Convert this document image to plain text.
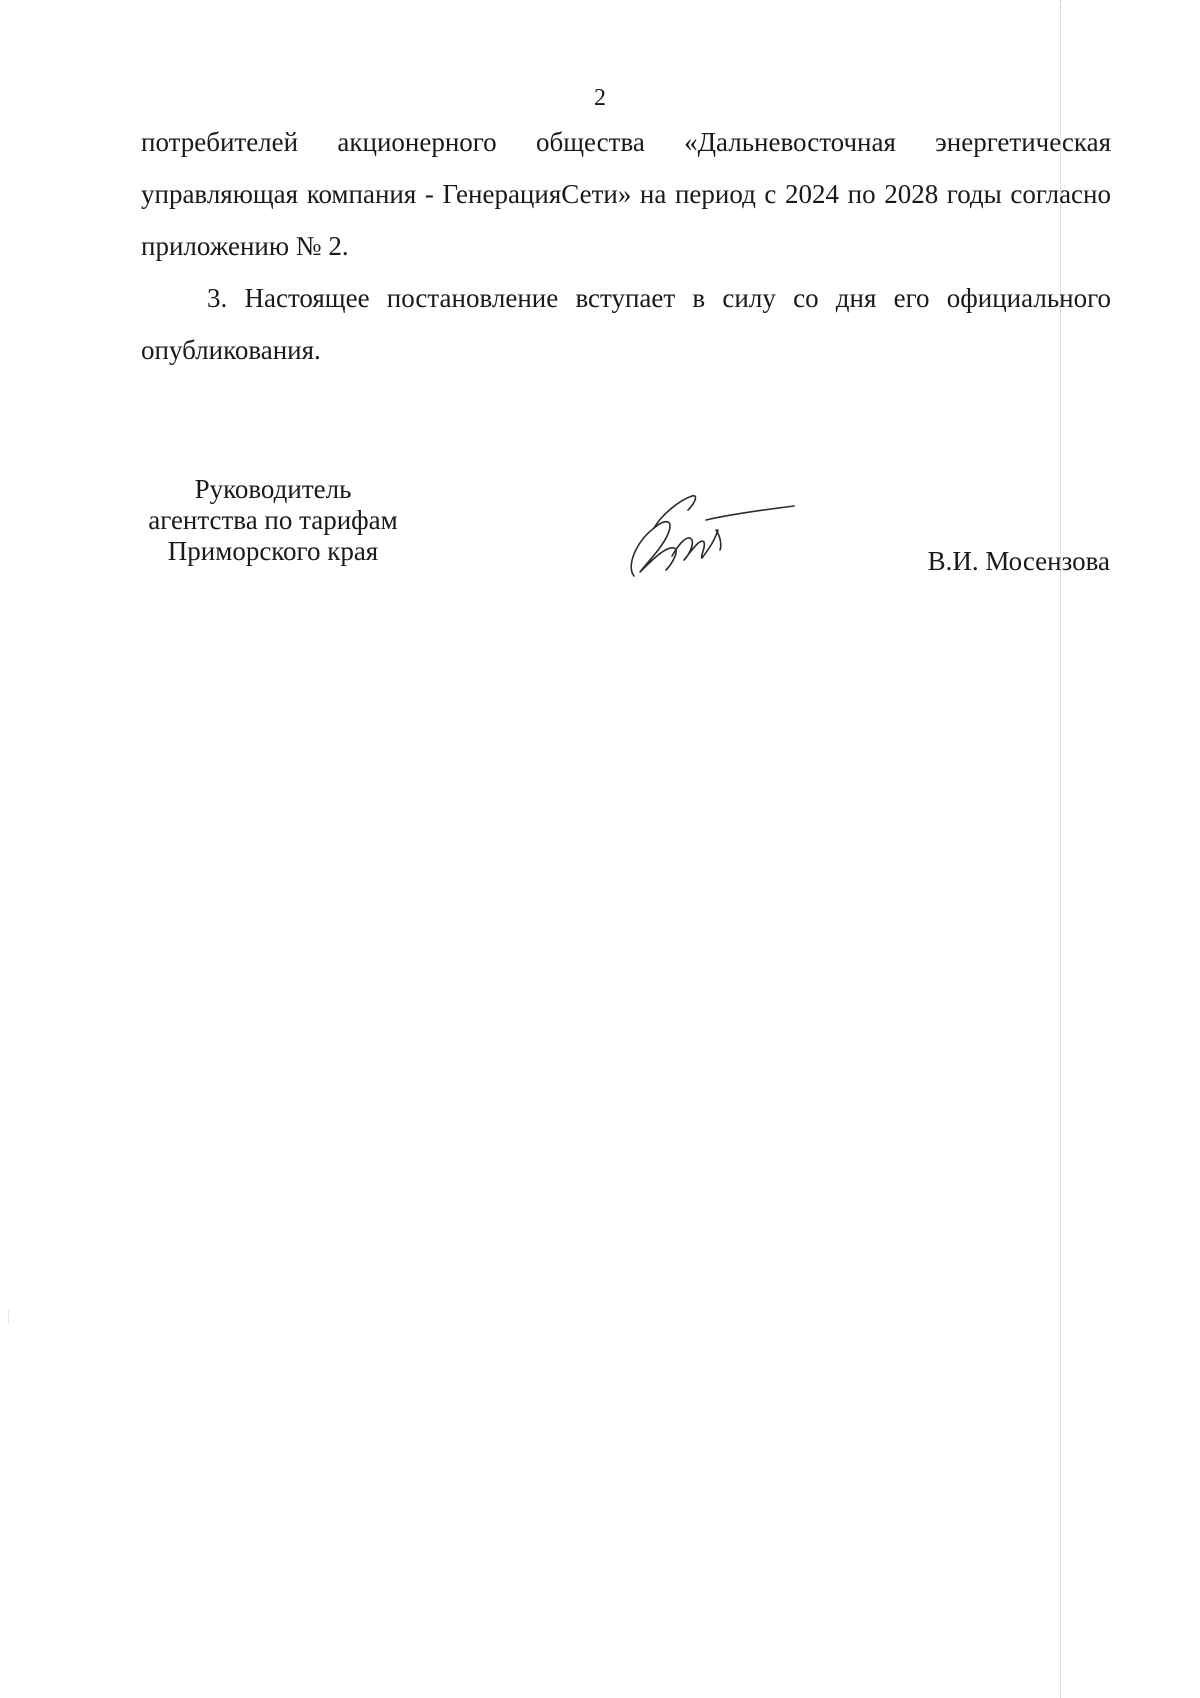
2

потребителей акционерного общества «Дальневосточная энергетическая управляющая компания - ГенерацияСети» на период с 2024 по 2028 годы согласно приложению № 2.

3. Настоящее постановление вступает в силу со дня его официального опубликования.

Руководитель
агентства по тарифам
Приморского края	В.И. Мосензова
